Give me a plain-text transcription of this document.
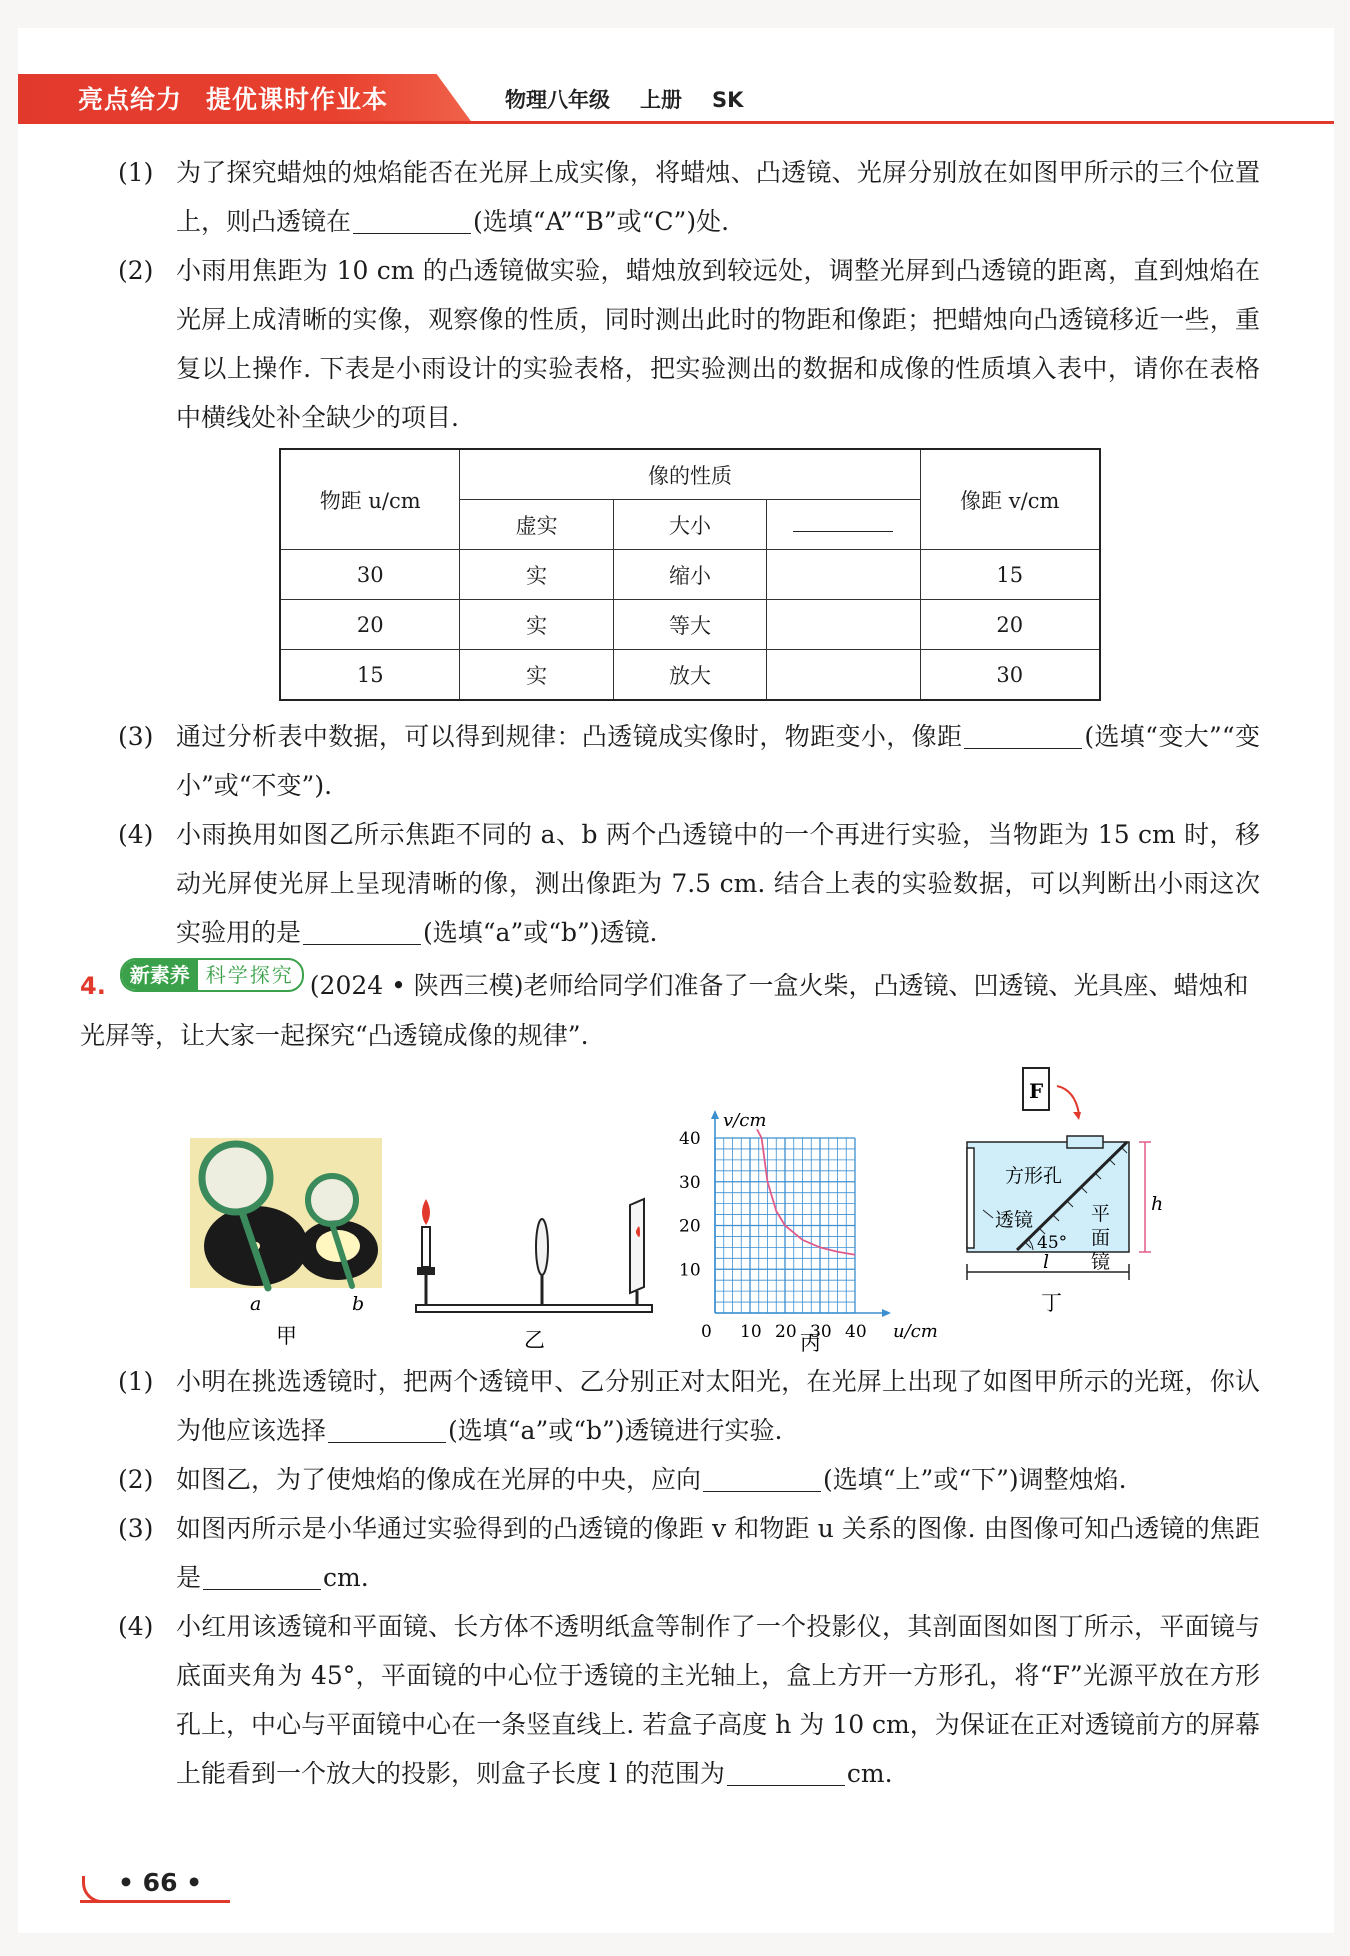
亮点给力 提优课时作业本	物理八年级 上册 SK
(1) 为了探究蜡烛的烛焰能否在光屏上成实像，将蜡烛、凸透镜、光屏分别放在如图甲所示的三个位置上，则凸透镜在	(选填“A”“B”或“C”)处.
(2) 小雨用焦距为 10 cm 的凸透镜做实验，蜡烛放到较远处，调整光屏到凸透镜的距离，直到烛焰在光屏上成清晰的实像，观察像的性质，同时测出此时的物距和像距；把蜡烛向凸透镜移近一些，重复以上操作. 下表是小雨设计的实验表格，把实验测出的数据和成像的性质填入表中，请你在表格中横线处补全缺少的项目.
物距 u/cm	像的性质			像距 v/cm
	虚实	大小		
30	实	缩小		15
20	实	等大		20
15	实	放大		30
(3) 通过分析表中数据，可以得到规律：凸透镜成实像时，物距变小，像距	(选填“变大”“变小”或“不变”).
(4) 小雨换用如图乙所示焦距不同的 a、b 两个凸透镜中的一个再进行实验，当物距为 15 cm 时，移动光屏使光屏上呈现清晰的像，测出像距为 7.5 cm. 结合上表的实验数据，可以判断出小雨这次实验用的是	(选填“a”或“b”)透镜.
4. 新素养 科学探究 (2024 • 陕西三模)老师给同学们准备了一盒火柴，凸透镜、凹透镜、光具座、蜡烛和光屏等，让大家一起探究“凸透镜成像的规律”.
a	b
甲	乙
40
30
20
10
0 10 20 30 40
v/cm
u/cm
丙
F
方形孔
透镜	平
面
镜
45°
h
l
丁
(1) 小明在挑选透镜时，把两个透镜甲、乙分别正对太阳光，在光屏上出现了如图甲所示的光斑，你认为他应该选择	(选填“a”或“b”)透镜进行实验.
(2) 如图乙，为了使烛焰的像成在光屏的中央，应向	(选填“上”或“下”)调整烛焰.
(3) 如图丙所示是小华通过实验得到的凸透镜的像距 v 和物距 u 关系的图像. 由图像可知凸透镜的焦距是	cm.
(4) 小红用该透镜和平面镜、长方体不透明纸盒等制作了一个投影仪，其剖面图如图丁所示，平面镜与底面夹角为 45°，平面镜的中心位于透镜的主光轴上，盒上方开一方形孔，将“F”光源平放在方形孔上，中心与平面镜中心在一条竖直线上. 若盒子高度 h 为 10 cm，为保证在正对透镜前方的屏幕上能看到一个放大的投影，则盒子长度 l 的范围为	cm.
• 66 •
